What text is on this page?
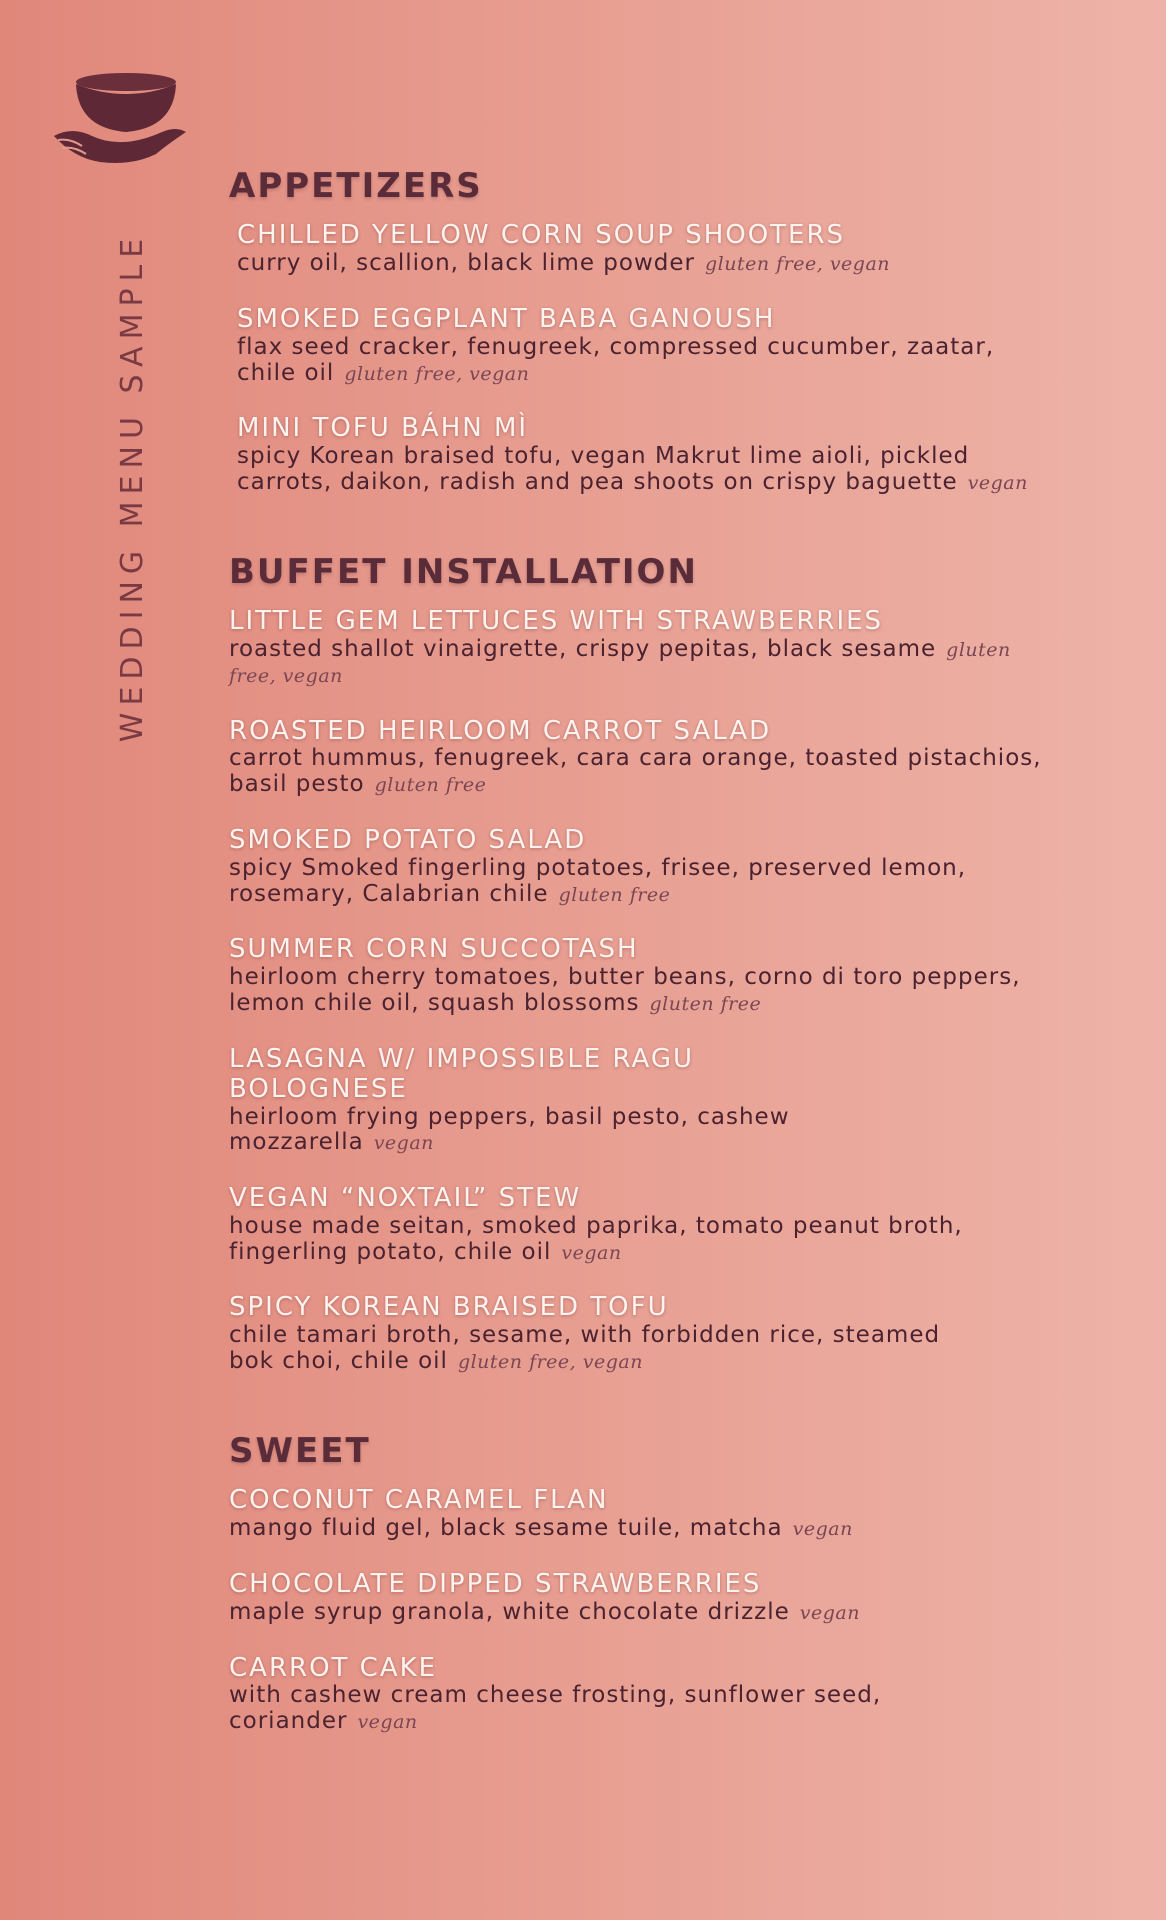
WEDDING MENU SAMPLE
APPETIZERS
CHILLED YELLOW CORN SOUP SHOOTERS
curry oil, scallion, black lime powder gluten free, vegan
SMOKED EGGPLANT BABA GANOUSH
flax seed cracker, fenugreek, compressed cucumber, zaatar, chile oil gluten free, vegan
MINI TOFU BÁHN MÌ
spicy Korean braised tofu, vegan Makrut lime aioli, pickled carrots, daikon, radish and pea shoots on crispy baguette vegan
BUFFET INSTALLATION
LITTLE GEM LETTUCES WITH STRAWBERRIES
roasted shallot vinaigrette, crispy pepitas, black sesame gluten free, vegan
ROASTED HEIRLOOM CARROT SALAD
carrot hummus, fenugreek, cara cara orange, toasted pistachios, basil pesto gluten free
SMOKED POTATO SALAD
spicy Smoked fingerling potatoes, frisee, preserved lemon, rosemary, Calabrian chile gluten free
SUMMER CORN SUCCOTASH
heirloom cherry tomatoes, butter beans, corno di toro peppers, lemon chile oil, squash blossoms gluten free
LASAGNA W/ IMPOSSIBLE RAGU BOLOGNESE
heirloom frying peppers, basil pesto, cashew mozzarella vegan
VEGAN “NOXTAIL” STEW
house made seitan, smoked paprika, tomato peanut broth, fingerling potato, chile oil vegan
SPICY KOREAN BRAISED TOFU
chile tamari broth, sesame, with forbidden rice, steamed bok choi, chile oil gluten free, vegan
SWEET
COCONUT CARAMEL FLAN
mango fluid gel, black sesame tuile, matcha vegan
CHOCOLATE DIPPED STRAWBERRIES
maple syrup granola, white chocolate drizzle vegan
CARROT CAKE
with cashew cream cheese frosting, sunflower seed, coriander vegan
